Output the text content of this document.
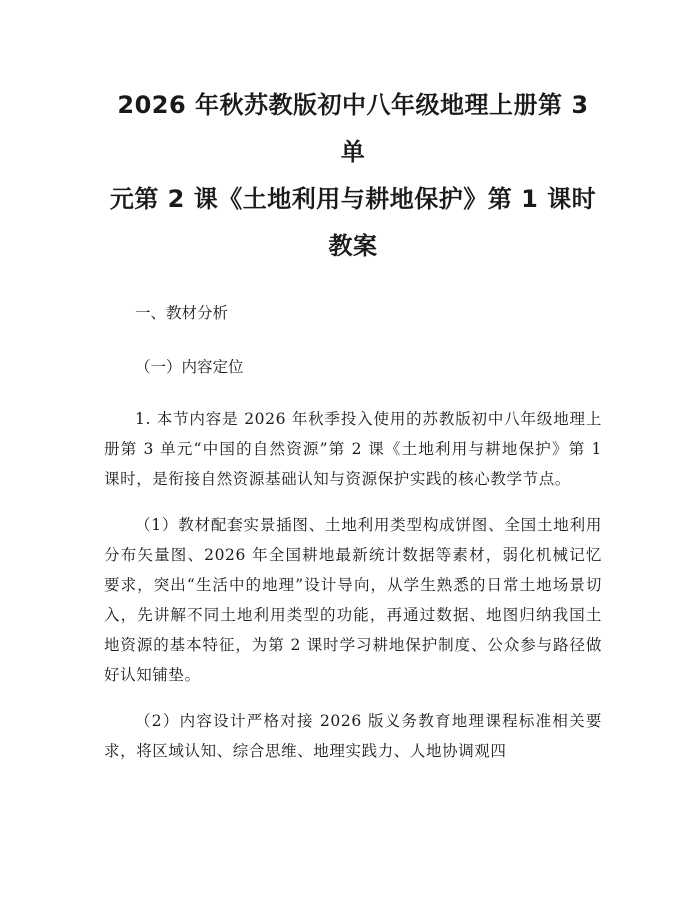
2026 年秋苏教版初中八年级地理上册第 3 单
元第 2 课《土地利用与耕地保护》第 1 课时
教案
一、教材分析
（一）内容定位

1. 本节内容是 2026 年秋季投入使用的苏教版初中八年级地理上册第 3 单元“中国的自然资源”第 2 课《土地利用与耕地保护》第 1 课时，是衔接自然资源基础认知与资源保护实践的核心教学节点。

（1）教材配套实景插图、土地利用类型构成饼图、全国土地利用分布矢量图、2026 年全国耕地最新统计数据等素材，弱化机械记忆要求，突出“生活中的地理”设计导向，从学生熟悉的日常土地场景切入，先讲解不同土地利用类型的功能，再通过数据、地图归纳我国土地资源的基本特征，为第 2 课时学习耕地保护制度、公众参与路径做好认知铺垫。

（2）内容设计严格对接 2026 版义务教育地理课程标准相关要求，将区域认知、综合思维、地理实践力、人地协调观四
